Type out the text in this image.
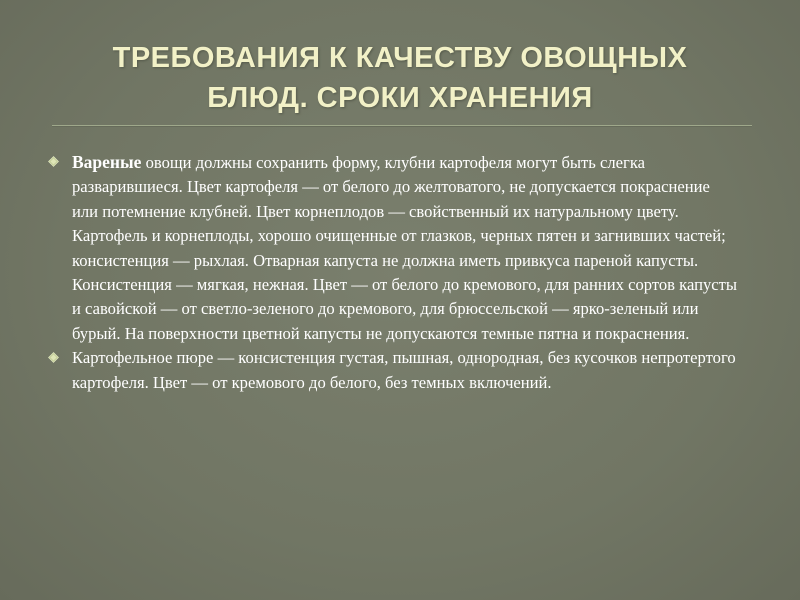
ТРЕБОВАНИЯ К КАЧЕСТВУ ОВОЩНЫХ
БЛЮД. СРОКИ ХРАНЕНИЯ

Вареные овощи должны сохранить форму, клубни картофеля могут быть слегка разварившиеся. Цвет картофеля — от белого до желтоватого, не допускается покраснение или потемнение клубней. Цвет корнеплодов — свойственный их натуральному цвету. Картофель и корнеплоды, хорошо очищенные от глазков, черных пятен и загнивших частей; консистенция — рыхлая. Отварная капуста не должна иметь привкуса пареной капусты. Консистенция — мягкая, нежная. Цвет — от белого до кремового, для ранних сортов капусты и савойской — от светло-зеленого до кремового, для брюссельской — ярко-зеленый или бурый. На поверхности цветной капусты не допускаются темные пятна и покраснения.

Картофельное пюре — консистенция густая, пышная, однородная, без кусочков непротертого картофеля. Цвет — от кремового до белого, без темных включений.
